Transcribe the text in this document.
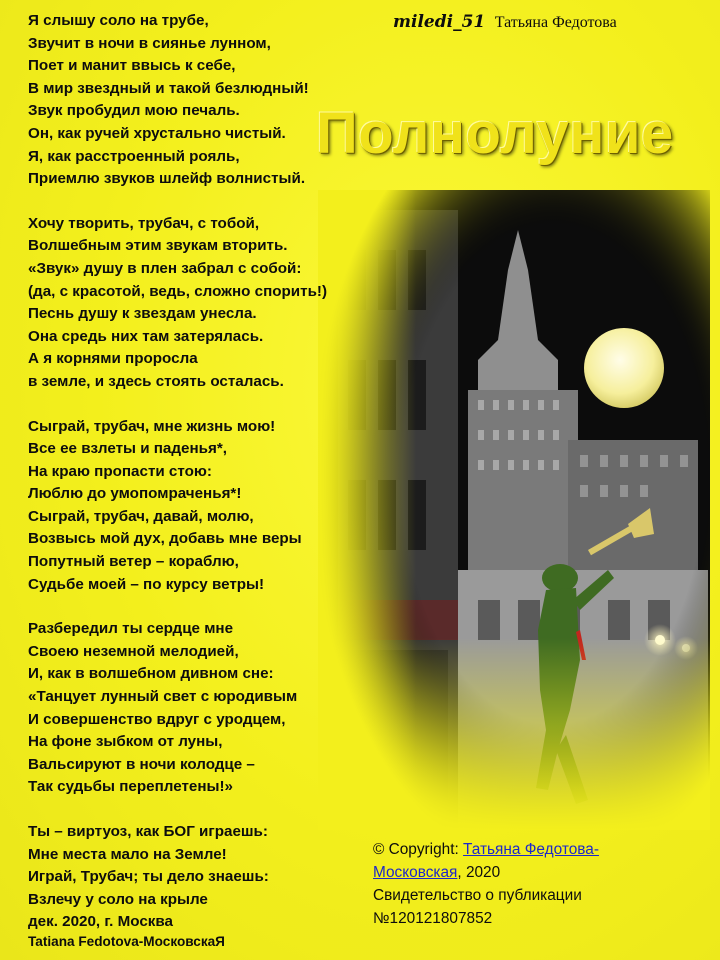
miledi_51 Татьяна Федотова
Полнолуние
Я слышу соло на трубе,
Звучит в ночи в сиянье лунном,
Поет и манит ввысь к себе,
В мир звездный и такой безлюдный!
Звук пробудил мою печаль.
Он, как ручей хрустально чистый.
Я, как расстроенный рояль,
Приемлю звуков шлейф волнистый.
Хочу творить, трубач, с тобой,
Волшебным этим звукам вторить.
«Звук» душу в плен забрал с собой:
(да, с красотой, ведь, сложно спорить!)
Песнь душу к звездам унесла.
Она средь них там затерялась.
А я корнями проросла
в земле, и здесь стоять осталась.
Сыграй, трубач, мне жизнь мою!
Все ее взлеты и паденья*,
На краю пропасти стою:
Люблю до умопомраченья*!
Сыграй, трубач, давай, молю,
Возвысь мой дух, добавь мне веры
Попутный ветер – кораблю,
Судьбе моей – по курсу ветры!
Разбередил ты сердце мне
Своею неземной мелодией,
И, как в волшебном дивном сне:
«Танцует лунный свет с юродивым
И совершенство вдруг с уродцем,
На фоне зыбком от луны,
Вальсируют в ночи колодце –
Так судьбы переплетены!»
Ты – виртуоз, как БОГ играешь:
Мне места мало на Земле!
Играй, Трубач; ты дело знаешь:
Взлечу у соло на крыле
дек. 2020, г. Москва
Tatiana Fedotova-МосковскаЯ
© Copyright: Татьяна Федотова-
Московская, 2020
Свидетельство о публикации
№120121807852
